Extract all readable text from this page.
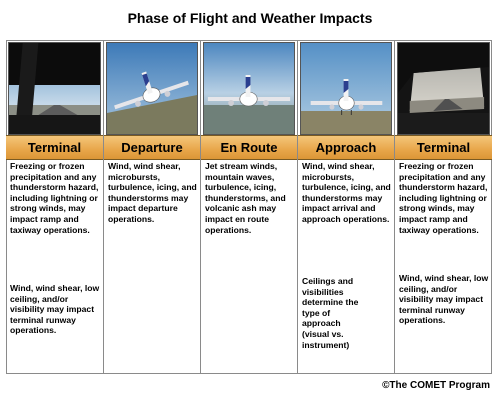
Phase of Flight and Weather Impacts
Terminal
Freezing or frozen precipitation and any thunderstorm hazard, including lightning or strong winds, may impact ramp and taxiway operations.
Wind, wind shear, low ceiling, and/or visibility may impact terminal runway operations.
Departure
Wind, wind shear, microbursts, turbulence, icing, and thunderstorms may impact departure operations.
En Route
Jet stream winds, mountain waves, turbulence, icing, thunderstorms, and volcanic ash may impact en route operations.
Approach
Wind, wind shear, microbursts, turbulence, icing, and thunderstorms may impact arrival and approach operations.
Ceilings and visibilities determine the type of approach (visual vs. instrument)
Terminal
Freezing or frozen precipitation and any thunderstorm hazard, including lightning or strong winds, may impact ramp and taxiway operations.
Wind, wind shear, low ceiling, and/or visibility may impact terminal runway operations.
©The COMET Program
